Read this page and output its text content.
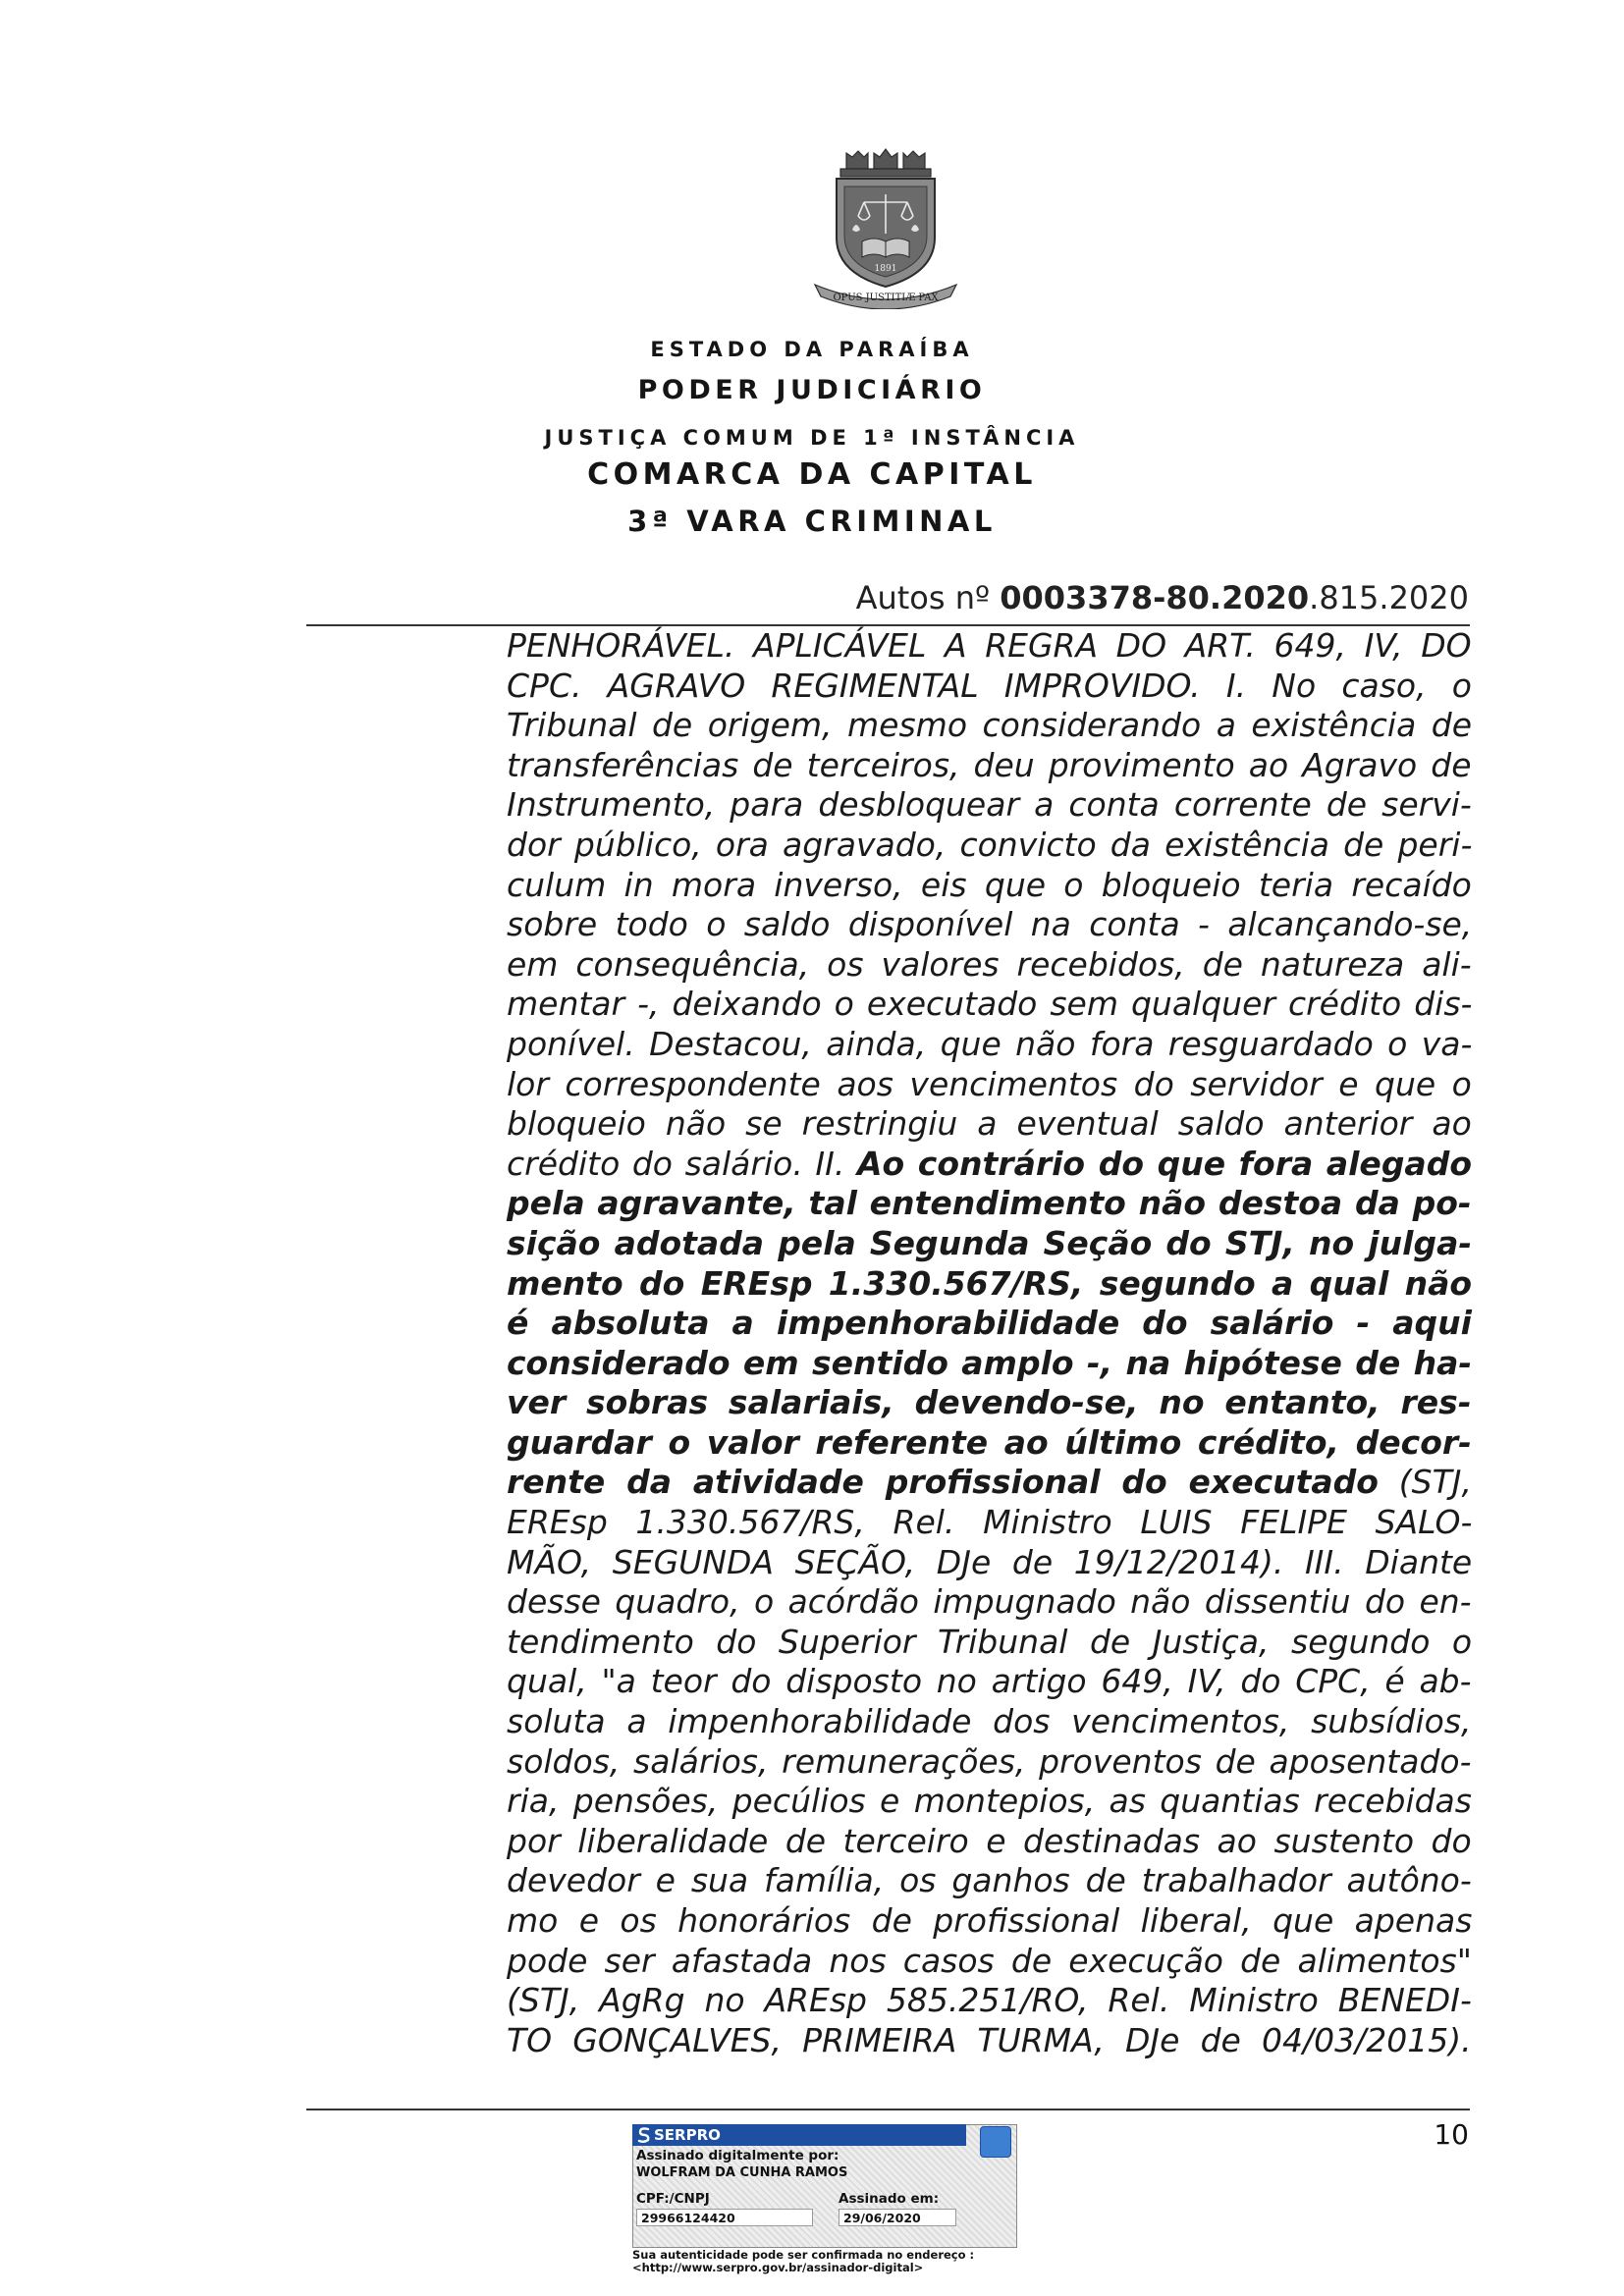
1891
OPUS JUSTITIÆ PAX
ESTADO DA PARAÍBA
PODER JUDICIÁRIO
JUSTIÇA COMUM DE 1ª INSTÂNCIA
COMARCA DA CAPITAL
3ª VARA CRIMINAL
Autos nº 0003378-80.2020.815.2020

PENHORÁVEL. APLICÁVEL A REGRA DO ART. 649, IV, DO

CPC. AGRAVO REGIMENTAL IMPROVIDO. I. No caso, o

Tribunal de origem, mesmo considerando a existência de

transferências de terceiros, deu provimento ao Agravo de

Instrumento, para desbloquear a conta corrente de servi-

dor público, ora agravado, convicto da existência de peri-

culum in mora inverso, eis que o bloqueio teria recaído

sobre todo o saldo disponível na conta - alcançando-se,

em consequência, os valores recebidos, de natureza ali-

mentar -, deixando o executado sem qualquer crédito dis-

ponível. Destacou, ainda, que não fora resguardado o va-

lor correspondente aos vencimentos do servidor e que o

bloqueio não se restringiu a eventual saldo anterior ao

crédito do salário. II. Ao contrário do que fora alegado

pela agravante, tal entendimento não destoa da po-

sição adotada pela Segunda Seção do STJ, no julga-

mento do EREsp 1.330.567/RS, segundo a qual não

é absoluta a impenhorabilidade do salário - aqui

considerado em sentido amplo -, na hipótese de ha-

ver sobras salariais, devendo-se, no entanto, res-

guardar o valor referente ao último crédito, decor-

rente da atividade profissional do executado (STJ,

EREsp 1.330.567/RS, Rel. Ministro LUIS FELIPE SALO-

MÃO, SEGUNDA SEÇÃO, DJe de 19/12/2014). III. Diante

desse quadro, o acórdão impugnado não dissentiu do en-

tendimento do Superior Tribunal de Justiça, segundo o

qual, "a teor do disposto no artigo 649, IV, do CPC, é ab-

soluta a impenhorabilidade dos vencimentos, subsídios,

soldos, salários, remunerações, proventos de aposentado-

ria, pensões, pecúlios e montepios, as quantias recebidas

por liberalidade de terceiro e destinadas ao sustento do

devedor e sua família, os ganhos de trabalhador autôno-

mo e os honorários de profissional liberal, que apenas

pode ser afastada nos casos de execução de alimentos"

(STJ, AgRg no AREsp 585.251/RO, Rel. Ministro BENEDI-

TO GONÇALVES, PRIMEIRA TURMA, DJe de 04/03/2015).

10
SERPRO
Assinado digitalmente por:
WOLFRAM DA CUNHA RAMOS
CPF:/CNPJ	Assinado em:
29966124420	29/06/2020
Sua autenticidade pode ser confirmada no endereço :
<http://www.serpro.gov.br/assinador-digital>
